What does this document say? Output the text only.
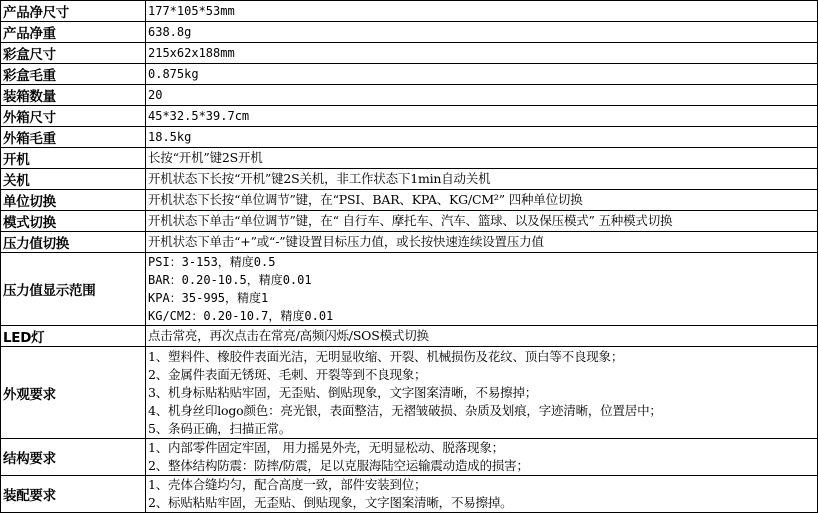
产品净尺寸	177*105*53mm

产品净重	638.8g

彩盒尺寸	215x62x188mm

彩盒毛重	0.875kg

装箱数量	20

外箱尺寸	45*32.5*39.7cm

外箱毛重	18.5kg

开机	长按“开机”键2S开机

关机	开机状态下长按“开机”键2S关机，非工作状态下1min自动关机

单位切换	开机状态下长按“单位调节”键，在“PSI、BAR、KPA、KG/CM²” 四种单位切换

模式切换	开机状态下单击“单位调节”键，在“ 自行车、摩托车、汽车、篮球、以及保压模式” 五种模式切换

压力值切换	开机状态下单击“+”或“-”键设置目标压力值，或长按快速连续设置压力值

压力值显示范围	PSI：3-153，精度0.5
BAR：0.20-10.5，精度0.01
KPA：35-995，精度1
KG/CM2：0.20-10.7，精度0.01

LED灯	点击常亮，再次点击在常亮/高频闪烁/SOS模式切换

外观要求	1、塑料件、橡胶件表面光洁，无明显收缩、开裂、机械损伤及花纹、顶白等不良现象；
2、金属件表面无锈斑、毛刺、开裂等到不良现象；
3、机身标贴粘贴牢固，无歪贴、倒贴现象，文字图案清晰，不易擦掉；
4、机身丝印logo颜色：亮光银，表面整洁，无褶皱破损、杂质及划痕，字迹清晰，位置居中；
5、条码正确，扫描正常。

结构要求	1、内部零件固定牢固， 用力摇晃外壳，无明显松动、脱落现象；
2、整体结构防震：防摔/防震，足以克服海陆空运输震动造成的损害；

装配要求	1、壳体合缝均匀，配合高度一致，部件安装到位；
2、标贴粘贴牢固，无歪贴、倒贴现象，文字图案清晰，不易擦掉。
